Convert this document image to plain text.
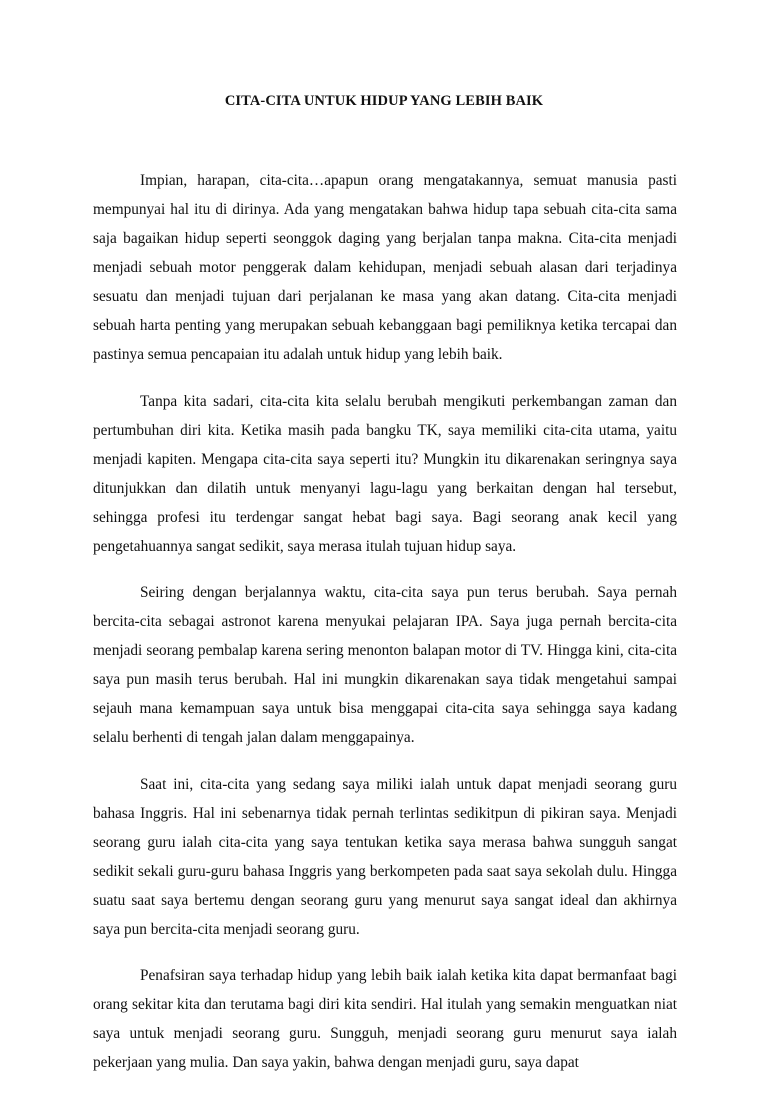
CITA-CITA UNTUK HIDUP YANG LEBIH BAIK

Impian, harapan, cita-cita…apapun orang mengatakannya, semuat manusia pasti mempunyai hal itu di dirinya. Ada yang mengatakan bahwa hidup tapa sebuah cita-cita sama saja bagaikan hidup seperti seonggok daging yang berjalan tanpa makna. Cita-cita menjadi menjadi sebuah motor penggerak dalam kehidupan, menjadi sebuah alasan dari terjadinya sesuatu dan menjadi tujuan dari perjalanan ke masa yang akan datang. Cita-cita menjadi sebuah harta penting yang merupakan sebuah kebanggaan bagi pemiliknya ketika tercapai dan pastinya semua pencapaian itu adalah untuk hidup yang lebih baik.

Tanpa kita sadari, cita-cita kita selalu berubah mengikuti perkembangan zaman dan pertumbuhan diri kita. Ketika masih pada bangku TK, saya memiliki cita-cita utama, yaitu menjadi kapiten. Mengapa cita-cita saya seperti itu? Mungkin itu dikarenakan seringnya saya ditunjukkan dan dilatih untuk menyanyi lagu-lagu yang berkaitan dengan hal tersebut, sehingga profesi itu terdengar sangat hebat bagi saya. Bagi seorang anak kecil yang pengetahuannya sangat sedikit, saya merasa itulah tujuan hidup saya.

Seiring dengan berjalannya waktu, cita-cita saya pun terus berubah. Saya pernah bercita-cita sebagai astronot karena menyukai pelajaran IPA. Saya juga pernah bercita-cita menjadi seorang pembalap karena sering menonton balapan motor di TV. Hingga kini, cita-cita saya pun masih terus berubah. Hal ini mungkin dikarenakan saya tidak mengetahui sampai sejauh mana kemampuan saya untuk bisa menggapai cita-cita saya sehingga saya kadang selalu berhenti di tengah jalan dalam menggapainya.

Saat ini, cita-cita yang sedang saya miliki ialah untuk dapat menjadi seorang guru bahasa Inggris. Hal ini sebenarnya tidak pernah terlintas sedikitpun di pikiran saya. Menjadi seorang guru ialah cita-cita yang saya tentukan ketika saya merasa bahwa sungguh sangat sedikit sekali guru-guru bahasa Inggris yang berkompeten pada saat saya sekolah dulu. Hingga suatu saat saya bertemu dengan seorang guru yang menurut saya sangat ideal dan akhirnya saya pun bercita-cita menjadi seorang guru.

Penafsiran saya terhadap hidup yang lebih baik ialah ketika kita dapat bermanfaat bagi orang sekitar kita dan terutama bagi diri kita sendiri. Hal itulah yang semakin menguatkan niat saya untuk menjadi seorang guru. Sungguh, menjadi seorang guru menurut saya ialah pekerjaan yang mulia. Dan saya yakin, bahwa dengan menjadi guru, saya dapat
